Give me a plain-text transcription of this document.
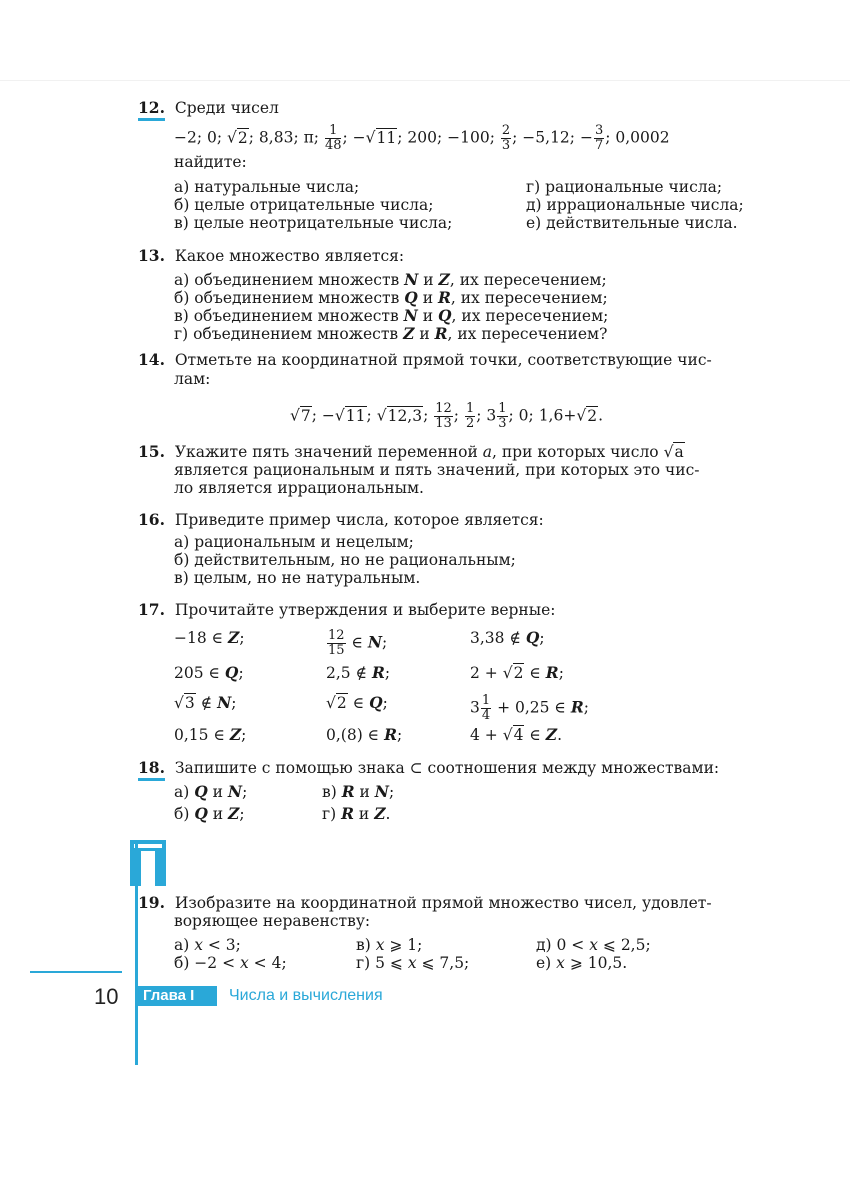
12. Среди чисел
−2; 0; √2; 8,83; π; $\frac{1}{48}$ ; −√11; 200; −100; $\frac{2}{3}$ ; −5,12; − $\frac{3}{7}$ ; 0,0002
найдите:
а) натуральные числа;	г) рациональные числа;
б) целые отрицательные числа;	д) иррациональные числа;
в) целые неотрицательные числа;	е) действительные числа.
13. Какое множество является:
а) объединением множеств N и Z, их пересечением;
б) объединением множеств Q и R, их пересечением;
в) объединением множеств N и Q, их пересечением;
г) объединением множеств Z и R, их пересечением?
14. Отметьте на координатной прямой точки, соответствующие чис-
лам:
√7; −√11; √12,3; $\frac{12}{13}$ ; $\frac{1}{2}$ ; $3 \frac{1}{3}$ ; 0; 1,6+√2.
15. Укажите пять значений переменной a, при которых число √a
является рациональным и пять значений, при которых это чис-
ло является иррациональным.
16. Приведите пример числа, которое является:
а) рациональным и нецелым;
б) действительным, но не рациональным;
в) целым, но не натуральным.
17. Прочитайте утверждения и выберите верные:
−18 ∈ Z;	$\frac{12}{15}$ ∈ N;	3,38 ∉ Q;
205 ∈ Q;	2,5 ∉ R;	2 + √2 ∈ R;
√3 ∉ N;	√2 ∈ Q;	$3 \frac{1}{4} + 0,25$ ∈ R;
0,15 ∈ Z;	0,(8) ∈ R;	4 + √4 ∈ Z.
18. Запишите с помощью знака ⊂ соотношения между множествами:
а) Q и N;	в) R и N;
б) Q и Z;	г) R и Z.
19. Изобразите на координатной прямой множество чисел, удовлет-
воряющее неравенству:
а) x < 3;	в) x ⩾ 1;	д) 0 < x ⩽ 2,5;
б) −2 < x < 4;	г) 5 ⩽ x ⩽ 7,5;	е) x ⩾ 10,5.
10	Глава I	Числа и вычисления
